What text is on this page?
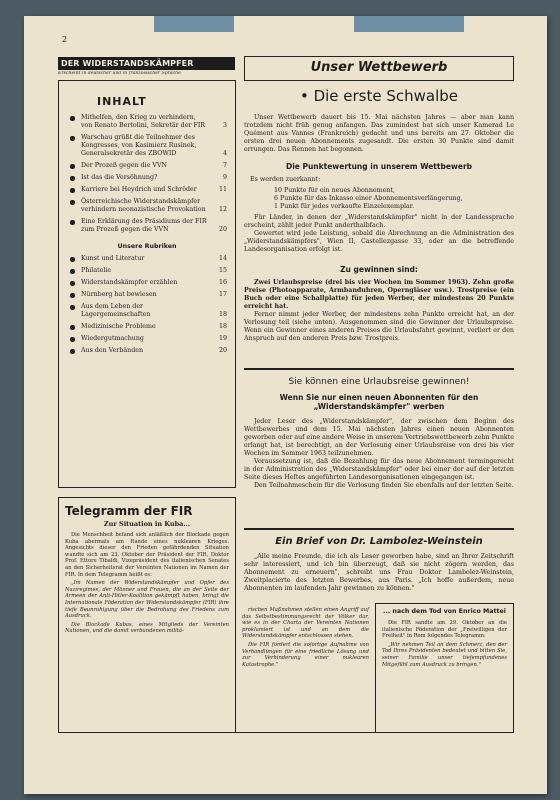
2
DER WIDERSTANDSKÄMPFER
Erscheint in deutscher und in französischer Sprache
INHALT
Mithelfen, den Krieg zu verhindern, von Renato Bertolini, Sekretär der FIR	3
Warschau grüßt die Teilnehmer des Kongresses, von Kasimierz Rusinek, Generalsekretär des ZBOWID	4
Der Prozeß gegen die VVN	7
Ist das die Versöhnung?	9
Karriere bei Heydrich und Schröder	11
Österreichische Widerstandskämpfer verhindern neonazistische Provokation 12
Eine Erklärung des Präsidiums der FIR zum Prozeß gegen die VVN	20
Unsere Rubriken
Kunst und Literatur	14
Philatelie	15
Widerstandskämpfer erzählen	16
Nürnberg hat bewiesen	17
Aus dem Leben der Lagergemeinschaften	18
Medizinische Probleme	18
Wiedergutmachung	19
Aus den Verbänden	20
Telegramm der FIR
Zur Situation in Kuba...

Die Menschheit befand sich anläßlich der Blockade gegen Kuba abermals am Rande eines nuklearen Krieges. Angesichts dieser den Frieden gefährdenden Situation wandte sich am 23. Oktober der Präsident der FIR, Doktor Prof. Ettore Tibaldi, Vizepräsident des italienischen Senates an den Sicherheitsrat der Vereinten Nationen im Namen der FIR. In dem Telegramm heißt es:

„Im Namen der Widerstandskämpfer und Opfer des Naziregimes, der Männer und Frauen, die an der Seite der Armeen der Anti-Hitler-Koalition gekämpft haben, bringt die Internationale Föderation der Widerstandskämpfer (FIR) ihre tiefe Beunruhigung über die Bedrohung des Friedens zum Ausdruck.

Die Blockade Kubas, eines Mitglieds der Vereinten Nationen, und die damit verbundenen militä-

rischen Maßnahmen stellen einen Angriff auf das Selbstbestimmungsrecht der Völker dar, wie es in der Charta der Vereinten Nationen proklamiert ist und an dem die Widerstandskämpfer entschlossen stehen.

Die FIR fordert die sofortige Aufnahme von Verhandlungen für eine friedliche Lösung und zur Verhinderung einer nuklearen Katastrophe."

Unser Wettbewerb
• Die erste Schwalbe

Unser Wettbewerb dauert bis 15. Mai nächsten Jahres — aber man kann trotzdem nicht früh genug anfangen. Das zumindest hat sich unser Kamerad Le Quément aus Vannes (Frankreich) gedacht und uns bereits am 27. Oktober die ersten drei neuen Abonnements zugesandt. Die ersten 30 Punkte sind damit errungen. Das Rennen hat begonnen.

Die Punktewertung in unserem Wettbewerb

Es werden zuerkannt:

10 Punkte für ein neues Abonnement,
6 Punkte für das Inkasso einer Abonnementsverlängerung,
1 Punkt für jedes verkaufte Einzelexemplar.

Für Länder, in denen der „Widerstandskämpfer" nicht in der Landessprache erscheint, zählt jeder Punkt anderthalbfach.

Gewertet wird jede Leistung, sobald die Abrechnung an die Administration des „Widerstandskämpfers", Wien II, Castellezgasse 33, oder an die betreffende Landesorganisation erfolgt ist.

Zu gewinnen sind:

Zwei Urlaubspreise (drei bis vier Wochen im Sommer 1963). Zehn große Preise (Photoapparate, Armbanduhren, Operngläser usw.). Trostpreise (ein Buch oder eine Schallplatte) für jeden Werber, der mindestens 20 Punkte erreicht hat.

Ferner nimmt jeder Werber, der mindestens zehn Punkte erreicht hat, an der Verlosung teil (siehe unten). Ausgenommen sind die Gewinner der Urlaubspreise. Wenn ein Gewinner eines anderen Preises die Urlaubsfahrt gewinnt, verliert er den Anspruch auf den anderen Preis bzw. Trostpreis.

Sie können eine Urlaubsreise gewinnen!
Wenn Sie nur einen neuen Abonnenten für den „Widerstandskämpfer" werben

Jeder Leser des „Widerstandskämpfer", der zwischen dem Beginn des Wettbewerbes und dem 15. Mai nächsten Jahres einen neuen Abonnenten geworben oder auf eine andere Weise in unserem Vertriebswettbewerb zehn Punkte erlangt hat, ist berechtigt, an der Verlosung einer Urlaubsreise von drei bis vier Wochen im Sommer 1963 teilzunehmen.

Voraussetzung ist, daß die Bezahlung für das neue Abonnement termingerecht in der Administration des „Widerstandskämpfer" oder bei einer der auf der letzten Seite dieses Heftes angeführten Landesorganisationen eingegangen ist.

Den Teilnahmeschein für die Verlosung finden Sie ebenfalls auf der letzten Seite.

Ein Brief von Dr. Lambolez-Weinstein

„Alle meine Freunde, die ich als Leser geworben habe, sind an Ihrer Zeitschrift sehr interessiert, und ich bin überzeugt, daß sie nicht zögern werden, das Abonnement zu erneuern", schreibt uns Frau Doktor Lambolez-Weinstein, Zweitplacierte des letzten Bewerbes, aus Paris. „Ich hoffe außerdem, neue Abonnenten im laufenden Jahr gewinnen zu können."

... nach dem Tod von Enrico Mattei

Die FIR sandte am 29. Oktober an die italienische Föderation der „Freiwilligen der Freiheit" in Rom folgendes Telegramm:

„Wir nehmen Teil an dem Schmerz, den der Tod Ihres Präsidenten bedeutet und bitten Sie, seiner Familie unser tiefempfundenes Mitgefühl zum Ausdruck zu bringen."
